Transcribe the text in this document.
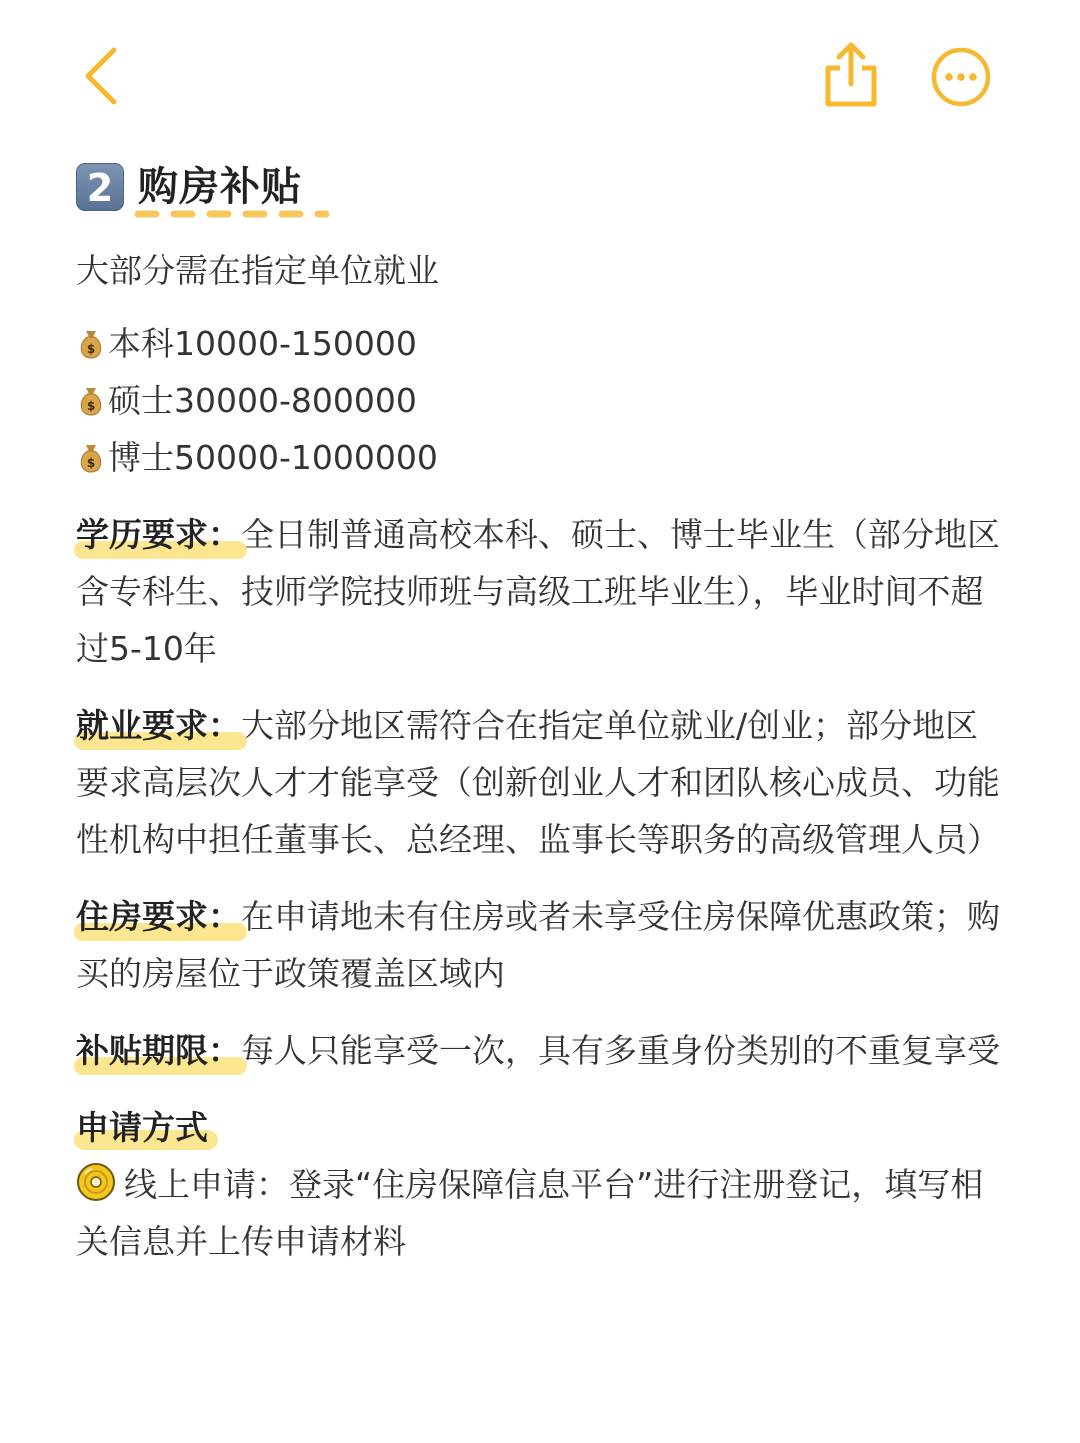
2 购房补贴
大部分需在指定单位就业
$ 本科10000-150000
$ 硕士30000-800000
$ 博士50000-1000000
学历要求：全日制普通高校本科、硕士、博士毕业生（部分地区含专科生、技师学院技师班与高级工班毕业生），毕业时间不超过5-10年
就业要求：大部分地区需符合在指定单位就业/创业；部分地区要求高层次人才才能享受（创新创业人才和团队核心成员、功能性机构中担任董事长、总经理、监事长等职务的高级管理人员）
住房要求：在申请地未有住房或者未享受住房保障优惠政策；购买的房屋位于政策覆盖区域内
补贴期限：每人只能享受一次，具有多重身份类别的不重复享受
申请方式
线上申请：登录“住房保障信息平台”进行注册登记，填写相关信息并上传申请材料
